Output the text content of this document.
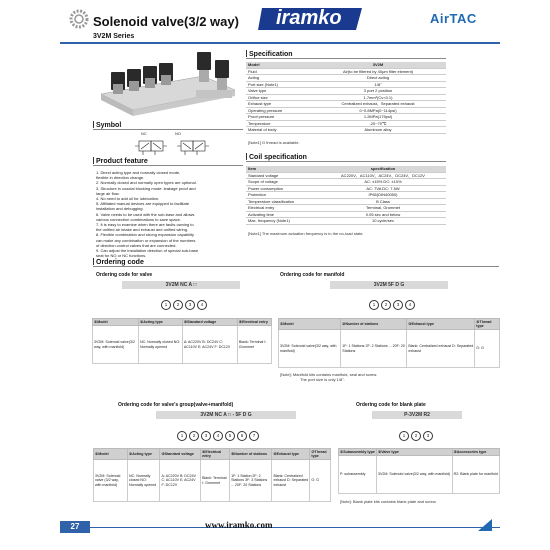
Solenoid valve(3/2 way)
3V2M Series
iramko	AirTAC
Symbol
NC	NO
Product feature
1. Direct acting type and normally closed mode,
flexible in direction change.
2. Normally closed and normally open types are optional.
3. Structure in coaxial blocking mode: leakage proof and
large air flow.
4. No need to add oil for lubrication.
5. Affiliated manual devices are equipped to facilitate
installation and debugging.
6. Valve needs to be used with the sub-base and allows
various connection combinations to save space.
7. It is easy to examine when there are faults owning to
the unified air intake and exhaust and unified wiring.
8. Flexible combination and strong expansion capability
can make any combination or expansion of the numbers
of direction control valves that are connected.
9. Can adjust the installation direction of special sub-base
seat for NO or NC functions.
Specification
Model	3V2M
Fluid	Air(to be filtered by 40μm filter element)
Acting	Direct acting
Port size (Note1)	1/8"
Valve type	3 port 2 position
Orifice size	1.7mm²(Cv=0.1)
Exhaust type	Centralized exhaust、Separated exhaust
Operating pressure	0~0.8MPa(0~114psi)
Proof pressure	1.2MPa(175psi)
Temperature	-20~70℃
Material of body	Aluminum alloy
[Note1] G thread is available.
Coil specification
Item	specification
Standard voltage	AC220V、AC110V、AC24V、DC24V、DC12V
Scope of voltage	AC: ±15% DC: ±10%
Power consumption	AC: 7VA DC: 7.5W
Protection	IP65(DIN40050)
Temperature classification	B Class
Electrical entry	Terminal, Grommet
Activating time	0.05 sec and below
Max. frequency (Note1)	10 cycle/sec
[Note1] The maximum actuation frequency is in the no-load state.
Ordering code
Ordering code for valve
3V2M NC A □
1 2 3 4
①Model	②Acting type	③Standard voltage	④Electrical entry
3V2M: Solenoid valve(3/2 way, with manifold)	NC: Normally closed NO: Normally opened	A: AC220V B: DC24V C: AC110V E: AC24V F: DC12V	Blank: Terminal I: Grommet
Ordering code for manifold
3V2M 5F D G
1 2 3 4
①Model	②Number of stations	③Exhaust type	④Thread type
3V2M: Solenoid valve(3/2 way, with manifold)	1F: 1 Stations 2F: 2 Stations ... 20F: 20 Stations	Blank: Centralized exhaust D: Separated exhaust	G: G
[Note]: Manifold kits contains manifold, seal and screw.
The port size is only 1/8".
Ordering code for valve's group(valve+manifold)
3V2M NC A □ - 5F D G
1 2 3 4 5 6 7
①Model	②Acting type	③Standard voltage	④Electrical entry	⑤Number of stations	⑥Exhaust type	⑦Thread type
3V2M: Solenoid valve (3/2 way, with manifold)	NC: Normally closed NO: Normally opened	A: AC220V B: DC24V C: AC110V E: AC24V F: DC12V	Blank: Terminal I: Grommet	1F: 1 Station 2F: 2 Stations 3F: 3 Stations ... 20F: 20 Stations	Blank: Centralized exhaust D: Separated exhaust	G: G
Ordering code for blank plate
P-3V2M R2
1 2 3
①Subassembly type	②Valve type	③Accessories type
P: subassembly	3V2M: Solenoid valve(3/2 way, with manifold)	R2: Blank plate for manifold
[Note]: Blank plate kits contains blank plate and screw.
27	www.iramko.com
